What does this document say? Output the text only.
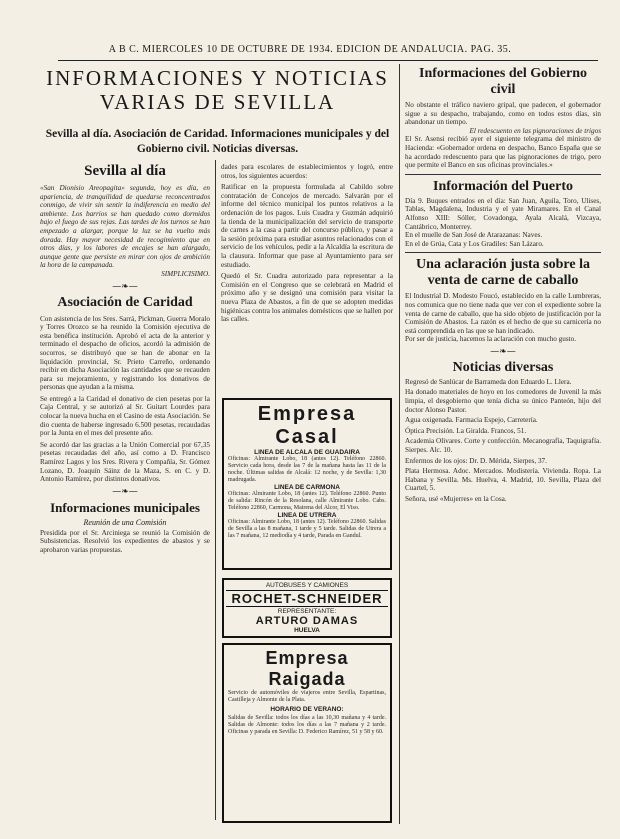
A B C. MIERCOLES 10 DE OCTUBRE DE 1934. EDICION DE ANDALUCIA. PAG. 35.
INFORMACIONES Y NOTICIAS
VARIAS DE SEVILLA
Sevilla al día. Asociación de Caridad. Informaciones municipales y del Gobierno civil. Noticias diversas.
Sevilla al día

«San Dionisio Areopagita» segunda, hoy es día, en apariencia, de tranquilidad de quedarse reconcentrados conmigo, de vivir sin sentir la indiferencia en medio del ambiente. Los barrios se han quedado como dormidos bajo el fuego de sus rejas. Las tardes de los turnos se han empezado a alargar, porque la luz se ha vuelto más dorada. Hay mayor necesidad de recogimiento que en otros días, y los labores de encajes se han alargado, aunque gente que persiste en mirar con ojos de ambición la hora de la campanada.

SIMPLICISIMO.

—❧—
Asociación de Caridad

Con asistencia de los Sres. Sarrá, Pickman, Guerra Moralo y Torres Orozco se ha reunido la Comisión ejecutiva de esta benéfica institución. Aprobó el acta de la anterior y terminado el despacho de oficios, acordó la admisión de socorros, se distribuyó que se han de abonar en la liquidación provincial, Sr. Prieto Carreño, ordenando recibir en dicha Asociación las cantidades que se recauden para su mejoramiento, y registrando los donativos de personas que ayudan a la misma.

Se entregó a la Caridad el donativo de cien pesetas por la Caja Central, y se autorizó al Sr. Guitart Lourdes para colocar la nueva hucha en el Casino de esta Asociación. Se dio cuenta de haberse ingresado 6.500 pesetas, recaudadas por la Junta en el mes del presente año.

Se acordó dar las gracias a la Unión Comercial por 67,35 pesetas recaudadas del año, así como a D. Francisco Ramírez Lagos y los Sres. Rivera y Compañía, Sr. Gómez Lozano, D. Joaquín Sáinz de la Maza, S. en C. y D. Antonio Ramírez, por distintos donativos.

—❧—
Informaciones municipales
Reunión de una Comisión

Presidida por el Sr. Arciniega se reunió la Comisión de Subsistencias. Resolvió los expedientes de abastos y se aprobaron varias propuestas.

dades para escolares de establecimientos y logró, entre otros, los siguientes acuerdos:

Ratificar en la propuesta formulada al Cabildo sobre contratación de Concejos de mercado. Salvarán por el informe del técnico municipal los puntos relativos a la ordenación de los pagos. Luis Cuadra y Guzmán adquirió la tienda de la municipalización del servicio de transporte de carnes a la casa a partir del concurso público, y pasar a la sesión próxima para estudiar asuntos relacionados con el servicio de los vehículos, pedir a la Alcaldía la escritura de la clausura. Informar que pase al Ayuntamiento para ser estudiado.

Quedó el Sr. Cuadra autorizado para representar a la Comisión en el Congreso que se celebrará en Madrid el próximo año y se designó una comisión para visitar la nueva Plaza de Abastos, a fin de que se adopten medidas higiénicas contra los animales domésticos que se hallen por las calles.

Empresa Casal
LINEA DE ALCALA DE GUADAIRA

Oficinas: Almirante Lobo, 18 (antes 12). Teléfono 22860. Servicio cada hora, desde las 7 de la mañana hasta las 11 de la noche. Últimas salidas de Alcalá: 12 noche, y de Sevilla: 1,30 madrugada.

LINEA DE CARMONA

Oficinas: Almirante Lobo, 18 (antes 12). Teléfono 22860. Punto de salida: Rincón de la Resolana, calle Almirante Lobo. Cabs. Teléfono 22860, Carmona, Mairena del Alcor, El Viso.

LINEA DE UTRERA

Oficinas: Almirante Lobo, 18 (antes 12). Teléfono 22860. Salidas de Sevilla a las 8 mañana, 1 tarde y 5 tarde. Salidas de Utrera a las 7 mañana, 12 mediodía y 4 tarde, Parada en Gandul.

AUTOBUSES Y CAMIONES
ROCHET-SCHNEIDER
REPRESENTANTE:
ARTURO DAMAS
HUELVA
Empresa Raigada

Servicio de automóviles de viajeros entre Sevilla, Espartinas, Castilleja y Almonte de la Plata.

HORARIO DE VERANO:

Salidas de Sevilla: todos los días a las 10,30 mañana y 4 tarde. Salidas de Almonte: todos los días a las 7 mañana y 2 tarde. Oficinas y parada en Sevilla: D. Federico Ramírez, 51 y 58 y 60.

Informaciones del Gobierno civil

No obstante el tráfico naviero gripal, que padecen, el gobernador sigue a su despacho, trabajando, como en todos estos días, sin abandonar un tiempo.

El redescuento en las pignoraciones de trigos

El Sr. Asensi recibió ayer el siguiente telegrama del ministro de Hacienda: «Gobernador ordena en despacho, Banco España que se ha acordado redescuento para que las pignoraciones de trigo, pero que permite el Banco en sus oficinas provinciales.»

Información del Puerto

Día 9. Buques entrados en el día: San Juan, Aguila, Toro, Ulises, Tablas, Magdalena, Industria y el yate Miramares. En el Canal Alfonso XIII: Sóller, Covadonga, Ayala Alcalá, Vizcaya, Cantábrico, Monterrey.

En el muelle de San José de Atarazanas: Naves.

En el de Grúa, Cata y Los Gradiles: San Lázaro.

Una aclaración justa sobre la venta de carne de caballo

El Industrial D. Modesto Foucó, establecido en la calle Lumbreras, nos comunica que no tiene nada que ver con el expediente sobre la venta de carne de caballo, que ha sido objeto de justificación por la Comisión de Abastos. La razón es el hecho de que su carnicería no está comprendida en las que se han indicado.

Por ser de justicia, hacemos la aclaración con mucho gusto.

—❧—
Noticias diversas

Regresó de Sanlúcar de Barrameda don Eduardo L. Llera.

Ha donado materiales de hoyo en los comedores de Juvenil la más limpia, el desgobierno que tenía dicha su único Panteón, hijo del doctor Alonso Pastor.

Agua oxigenada. Farmacia Espejo, Carretería.

Óptica Precisión. La Giralda. Francos, 51.

Academia Olivares. Corte y confección. Mecanografía, Taquigrafía. Sierpes. Alc. 10.

Enfermos de los ojos: Dr. D. Mérida, Sierpes, 37.

Plata Hermosa. Adoc. Mercados. Modistería. Vivienda. Ropa. La Habana y Sevilla. Ms. Huelva, 4. Madrid, 10. Sevilla, Plaza del Cuartel, 5.

Señora, usé «Mujerres» en la Cosa.
